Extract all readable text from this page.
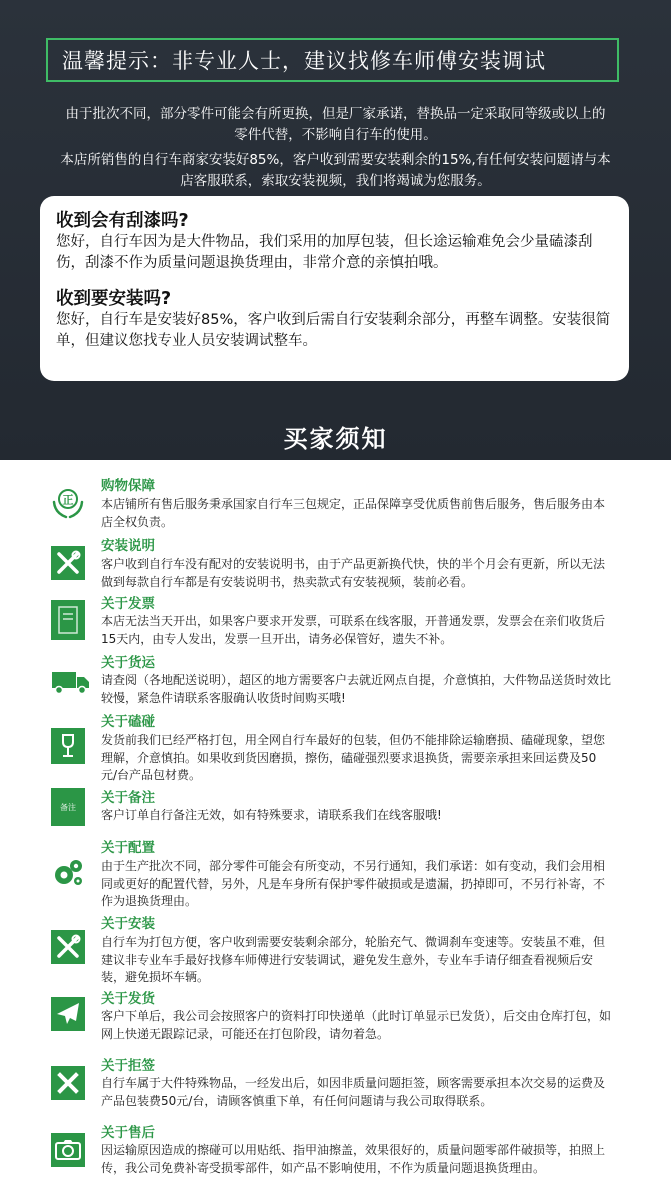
温馨提示：非专业人士，建议找修车师傅安装调试

由于批次不同，部分零件可能会有所更换，但是厂家承诺，替换品一定采取同等级或以上的零件代替，不影响自行车的使用。

本店所销售的自行车商家安装好85%，客户收到需要安装剩余的15%,有任何安装问题请与本店客服联系，索取安装视频，我们将竭诚为您服务。

收到会有刮漆吗?
您好，自行车因为是大件物品，我们采用的加厚包装，但长途运输难免会少量磕漆刮伤，刮漆不作为质量问题退换货理由，非常介意的亲慎拍哦。
收到要安装吗?
您好，自行车是安装好85%，客户收到后需自行安装剩余部分，再整车调整。安装很简单，但建议您找专业人员安装调试整车。
买家须知
正
购物保障
本店铺所有售后服务秉承国家自行车三包规定，正品保障享受优质售前售后服务，售后服务由本店全权负责。
安装说明
客户收到自行车没有配对的安装说明书，由于产品更新换代快，快的半个月会有更新，所以无法做到每款自行车都是有安装说明书，热卖款式有安装视频，装前必看。
关于发票
本店无法当天开出，如果客户要求开发票，可联系在线客服，开普通发票，发票会在亲们收货后15天内，由专人发出，发票一旦开出，请务必保管好，遗失不补。
关于货运
请查阅（各地配送说明），超区的地方需要客户去就近网点自提，介意慎拍，大件物品送货时效比较慢，紧急件请联系客服确认收货时间购买哦!
关于磕碰
发货前我们已经严格打包，用全网自行车最好的包装，但仍不能排除运输磨损、磕碰现象，望您理解，介意慎拍。如果收到货因磨损，擦伤，磕碰强烈要求退换货，需要亲承担来回运费及50元/台产品包材费。
备注
关于备注
客户订单自行备注无效，如有特殊要求，请联系我们在线客服哦!
关于配置
由于生产批次不同，部分零件可能会有所变动，不另行通知，我们承诺：如有变动，我们会用相同或更好的配置代替，另外，凡是车身所有保护零件破损或是遗漏，扔掉即可，不另行补寄，不作为退换货理由。
关于安装
自行车为打包方便，客户收到需要安装剩余部分，轮胎充气、微调刹车变速等。安装虽不难，但建议非专业车手最好找修车师傅进行安装调试，避免发生意外，专业车手请仔细查看视频后安装，避免损坏车辆。
关于发货
客户下单后，我公司会按照客户的资料打印快递单（此时订单显示已发货），后交由仓库打包，如网上快递无跟踪记录，可能还在打包阶段，请勿着急。
关于拒签
自行车属于大件特殊物品，一经发出后，如因非质量问题拒签，顾客需要承担本次交易的运费及产品包装费50元/台，请顾客慎重下单，有任何问题请与我公司取得联系。
关于售后
因运输原因造成的擦碰可以用贴纸、指甲油擦盖，效果很好的，质量问题零部件破损等，拍照上传，我公司免费补寄受损零部件，如产品不影响使用，不作为质量问题退换货理由。
